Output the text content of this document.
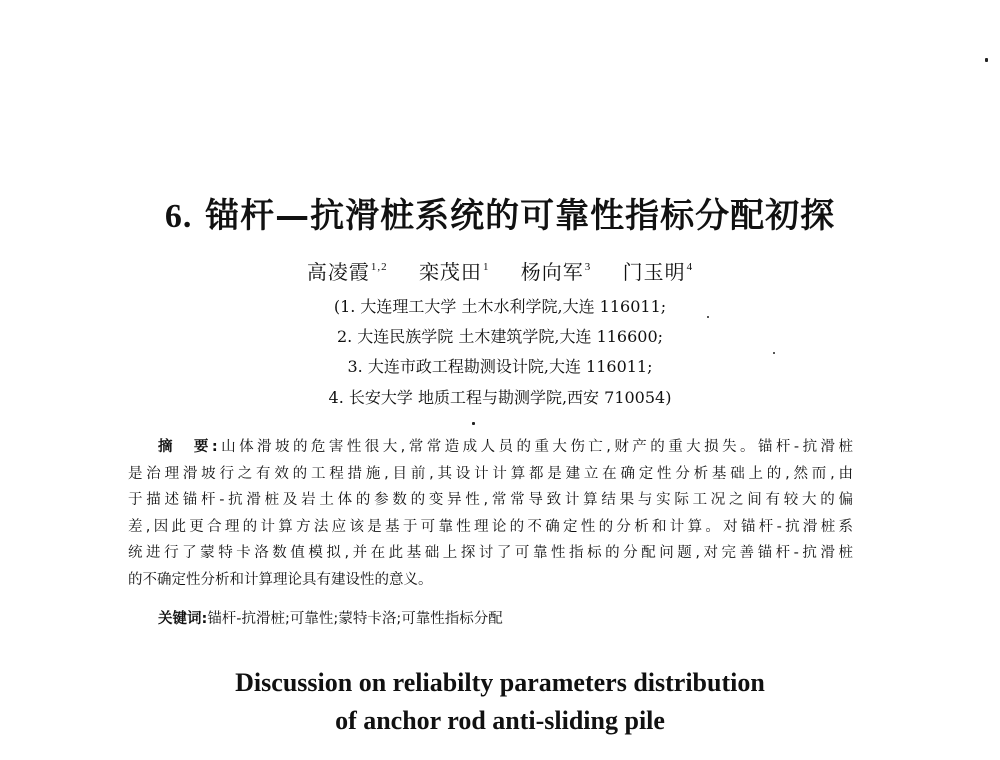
6. 锚杆—抗滑桩系统的可靠性指标分配初探
高凌霞$^{1,2}$ 栾茂田$^1$ 杨向军$^3$ 门玉明$^4$
(1. 大连理工大学 土木水利学院,大连 116011;
2. 大连民族学院 土木建筑学院,大连 116600;
3. 大连市政工程勘测设计院,大连 116011;
4. 长安大学 地质工程与勘测学院,西安 710054)
摘　要:山体滑坡的危害性很大,常常造成人员的重大伤亡,财产的重大损失。锚杆-抗滑桩
是治理滑坡行之有效的工程措施,目前,其设计计算都是建立在确定性分析基础上的,然而,由
于描述锚杆-抗滑桩及岩土体的参数的变异性,常常导致计算结果与实际工况之间有较大的偏
差,因此更合理的计算方法应该是基于可靠性理论的不确定性的分析和计算。对锚杆-抗滑桩系
统进行了蒙特卡洛数值模拟,并在此基础上探讨了可靠性指标的分配问题,对完善锚杆-抗滑桩
的不确定性分析和计算理论具有建设性的意义。
关键词:锚杆-抗滑桩;可靠性;蒙特卡洛;可靠性指标分配
Discussion on reliabilty parameters distribution
of anchor rod anti-sliding pile
